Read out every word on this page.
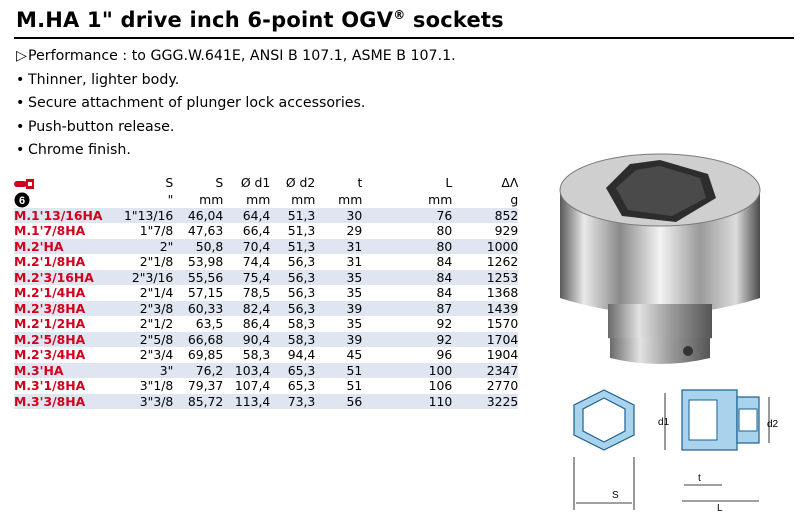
M.HA 1" drive inch 6-point OGV® sockets
▷Performance : to GGG.W.641E, ANSI B 107.1, ASME B 107.1.
• Thinner, lighter body.
• Secure attachment of plunger lock accessories.
• Push-button release.
• Chrome finish.
	S	S	Ø d1	Ø d2	t	L	ΔΛ

6	"	mm	mm	mm	mm	mm	g
M.1'13/16HA	1"13/16	46,04	64,4	51,3	30	76	852
M.1'7/8HA	1"7/8	47,63	66,4	51,3	29	80	929
M.2'HA	2"	50,8	70,4	51,3	31	80	1000
M.2'1/8HA	2"1/8	53,98	74,4	56,3	31	84	1262
M.2'3/16HA	2"3/16	55,56	75,4	56,3	35	84	1253
M.2'1/4HA	2"1/4	57,15	78,5	56,3	35	84	1368
M.2'3/8HA	2"3/8	60,33	82,4	56,3	39	87	1439
M.2'1/2HA	2"1/2	63,5	86,4	58,3	35	92	1570
M.2'5/8HA	2"5/8	66,68	90,4	58,3	39	92	1704
M.2'3/4HA	2"3/4	69,85	58,3	94,4	45	96	1904
M.3'HA	3"	76,2	103,4	65,3	51	100	2347
M.3'1/8HA	3"1/8	79,37	107,4	65,3	51	106	2770
M.3'3/8HA	3"3/8	85,72	113,4	73,3	56	110	3225
S
d1	d2
t
L
